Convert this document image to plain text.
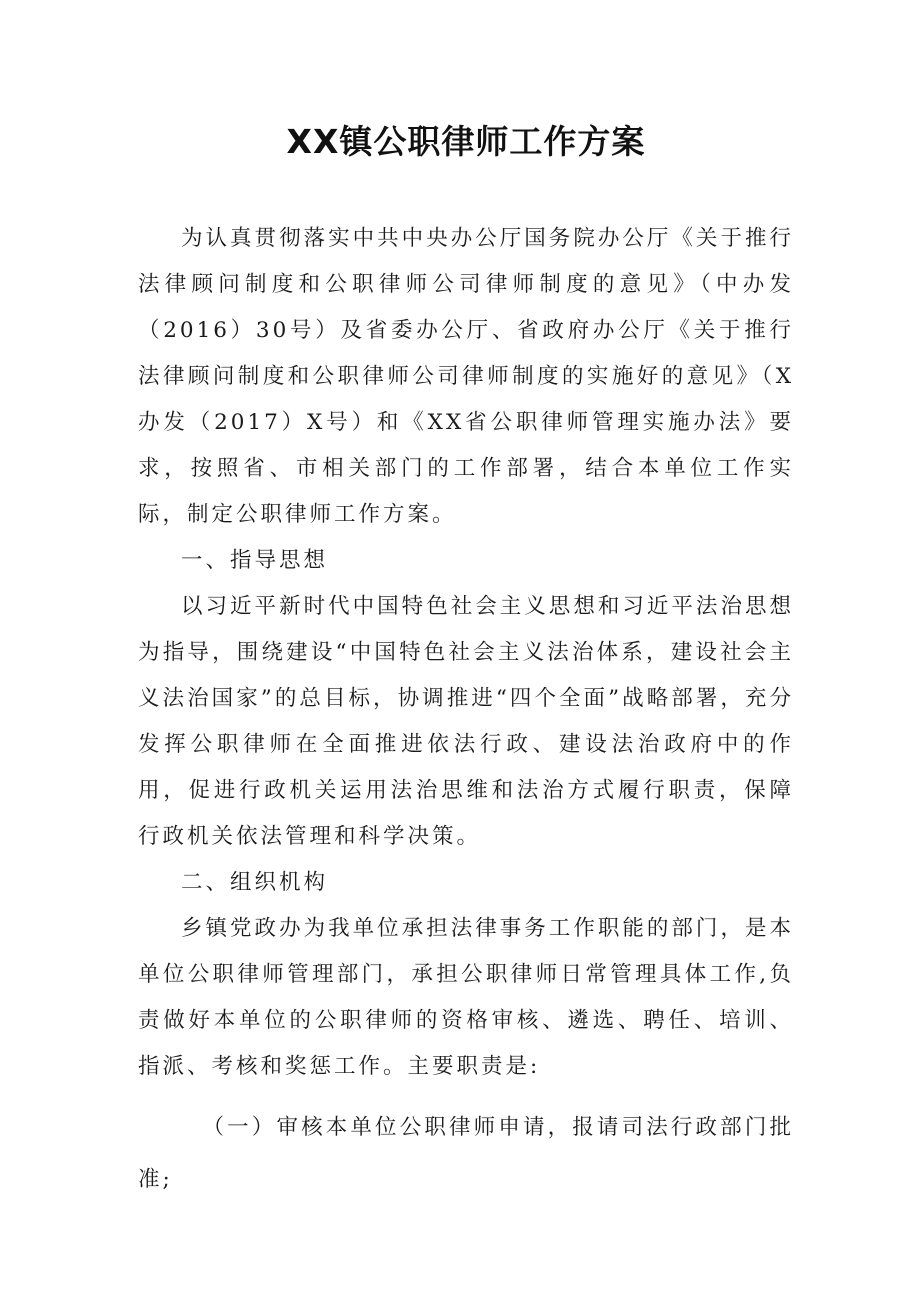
XX镇公职律师工作方案

为认真贯彻落实中共中央办公厅国务院办公厅《关于推行法律顾问制度和公职律师公司律师制度的意见》（中办发（2016）30号）及省委办公厅、省政府办公厅《关于推行法律顾问制度和公职律师公司律师制度的实施好的意见》（X办发（2017）X号）和《XX省公职律师管理实施办法》要求，按照省、市相关部门的工作部署，结合本单位工作实际，制定公职律师工作方案。

一、指导思想

以习近平新时代中国特色社会主义思想和习近平法治思想为指导，围绕建设“中国特色社会主义法治体系，建设社会主义法治国家”的总目标，协调推进“四个全面”战略部署，充分发挥公职律师在全面推进依法行政、建设法治政府中的作用，促进行政机关运用法治思维和法治方式履行职责，保障行政机关依法管理和科学决策。

二、组织机构

乡镇党政办为我单位承担法律事务工作职能的部门，是本单位公职律师管理部门，承担公职律师日常管理具体工作,负责做好本单位的公职律师的资格审核、遴选、聘任、培训、指派、考核和奖惩工作。主要职责是:

（一）审核本单位公职律师申请，报请司法行政部门批准;
